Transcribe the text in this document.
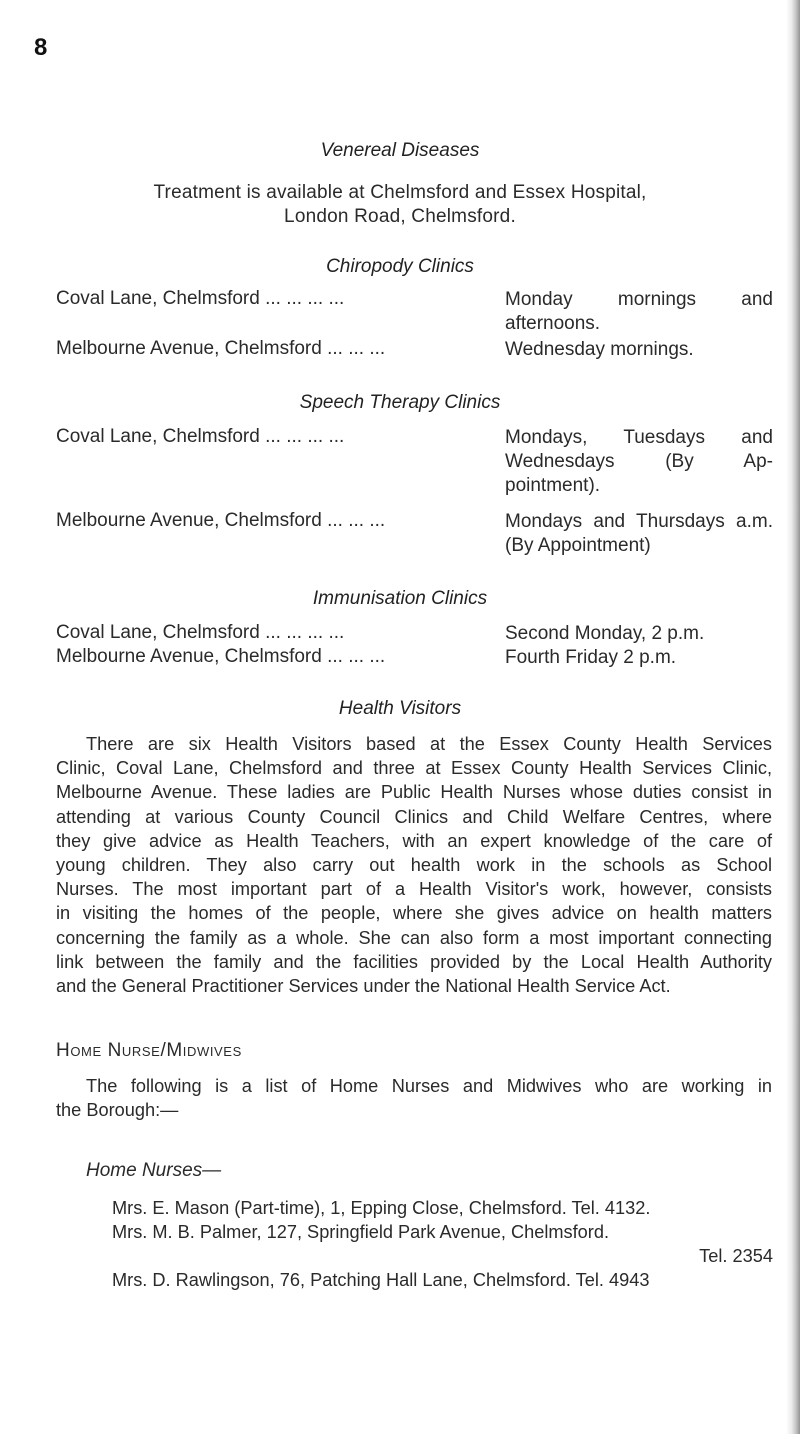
8
Venereal Diseases
Treatment is available at Chelmsford and Essex Hospital,
London Road, Chelmsford.
Chiropody Clinics
Coval Lane, Chelmsford ... ... ... ...	Monday mornings and afternoons.
Melbourne Avenue, Chelmsford ... ... ...	Wednesday mornings.
Speech Therapy Clinics
Coval Lane, Chelmsford ... ... ... ...	Mondays, Tuesdays and Wednesdays (By Ap- pointment).
Melbourne Avenue, Chelmsford ... ... ...	Mondays and Thursdays a.m. (By Appointment)
Immunisation Clinics
Coval Lane, Chelmsford ... ... ... ...	Second Monday, 2 p.m.
Melbourne Avenue, Chelmsford ... ... ...	Fourth Friday 2 p.m.
Health Visitors
There are six Health Visitors based at the Essex County Health Services
Clinic, Coval Lane, Chelmsford and three at Essex County Health Services Clinic,
Melbourne Avenue. These ladies are Public Health Nurses whose duties consist in
attending at various County Council Clinics and Child Welfare Centres, where
they give advice as Health Teachers, with an expert knowledge of the care of
young children. They also carry out health work in the schools as School
Nurses. The most important part of a Health Visitor's work, however, consists
in visiting the homes of the people, where she gives advice on health matters
concerning the family as a whole. She can also form a most important connecting
link between the family and the facilities provided by the Local Health Authority
and the General Practitioner Services under the National Health Service Act.
Home Nurse/Midwives
The following is a list of Home Nurses and Midwives who are working in
the Borough:—
Home Nurses—
Mrs. E. Mason (Part-time), 1, Epping Close, Chelmsford. Tel. 4132.
Mrs. M. B. Palmer, 127, Springfield Park Avenue, Chelmsford.
Tel. 2354
Mrs. D. Rawlingson, 76, Patching Hall Lane, Chelmsford. Tel. 4943
